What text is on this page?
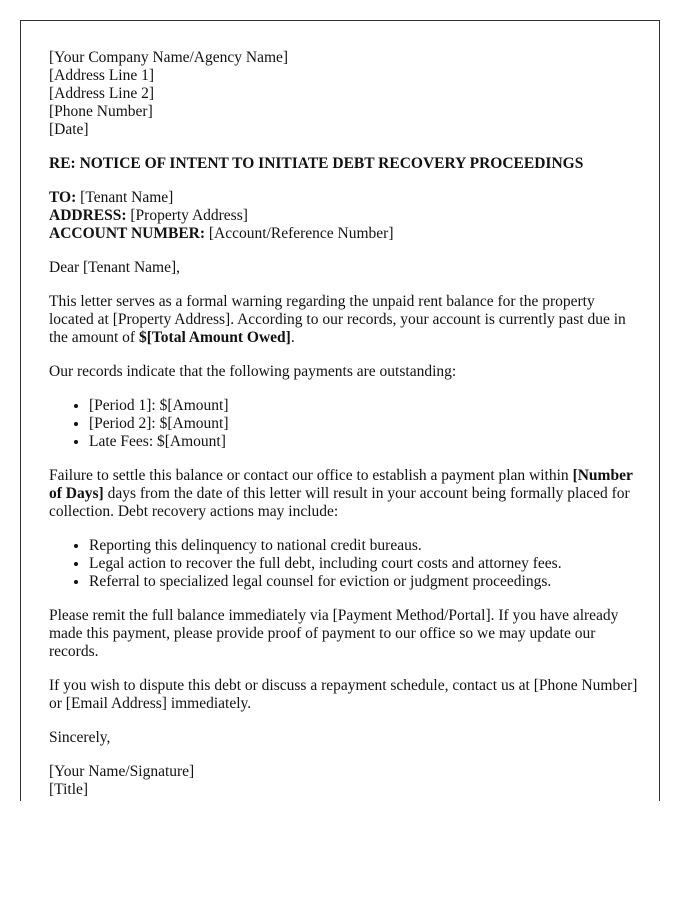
[Your Company Name/Agency Name]
[Address Line 1]
[Address Line 2]
[Phone Number]
[Date]
RE: NOTICE OF INTENT TO INITIATE DEBT RECOVERY PROCEEDINGS
TO: [Tenant Name]
ADDRESS: [Property Address]
ACCOUNT NUMBER: [Account/Reference Number]

Dear [Tenant Name],

This letter serves as a formal warning regarding the unpaid rent balance for the property located at [Property Address]. According to our records, your account is currently past due in the amount of $[Total Amount Owed].

Our records indicate that the following payments are outstanding:

• [Period 1]: $[Amount]
• [Period 2]: $[Amount]
• Late Fees: $[Amount]

Failure to settle this balance or contact our office to establish a payment plan within [Number of Days] days from the date of this letter will result in your account being formally placed for collection. Debt recovery actions may include:

• Reporting this delinquency to national credit bureaus.
• Legal action to recover the full debt, including court costs and attorney fees.
• Referral to specialized legal counsel for eviction or judgment proceedings.

Please remit the full balance immediately via [Payment Method/Portal]. If you have already made this payment, please provide proof of payment to our office so we may update our records.

If you wish to dispute this debt or discuss a repayment schedule, contact us at [Phone Number] or [Email Address] immediately.

Sincerely,

[Your Name/Signature]
[Title]
